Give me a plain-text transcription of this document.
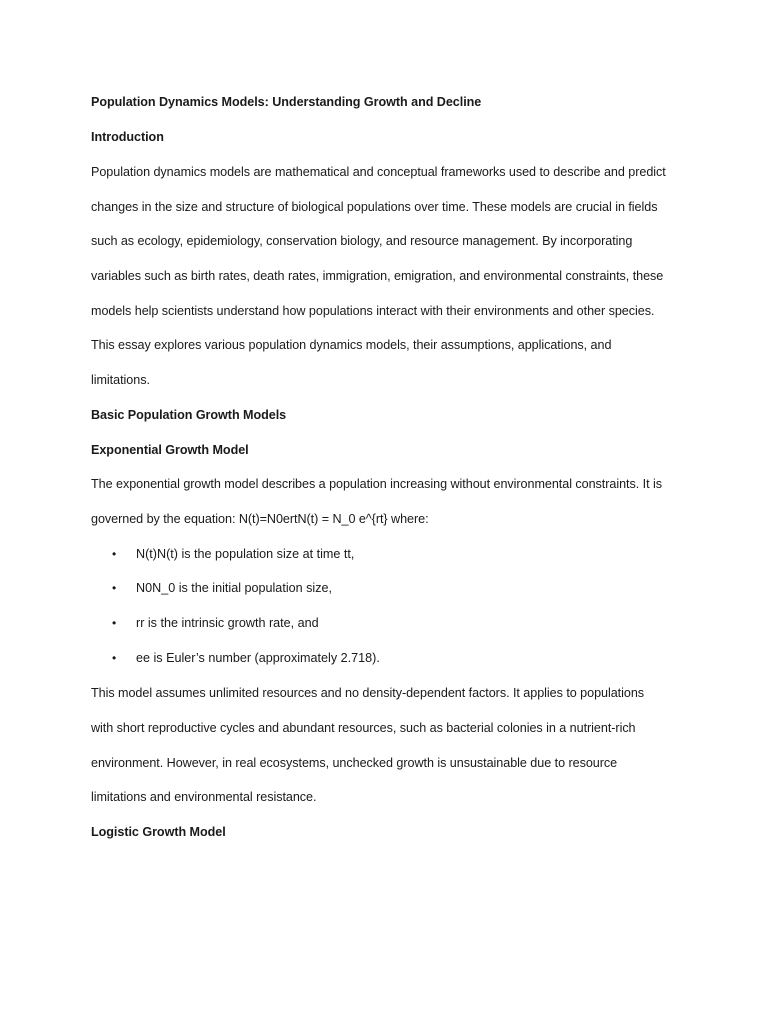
Population Dynamics Models: Understanding Growth and Decline
Introduction
Population dynamics models are mathematical and conceptual frameworks used to describe and predict
changes in the size and structure of biological populations over time. These models are crucial in fields
such as ecology, epidemiology, conservation biology, and resource management. By incorporating
variables such as birth rates, death rates, immigration, emigration, and environmental constraints, these
models help scientists understand how populations interact with their environments and other species.
This essay explores various population dynamics models, their assumptions, applications, and
limitations.
Basic Population Growth Models
Exponential Growth Model
The exponential growth model describes a population increasing without environmental constraints. It is
governed by the equation: N(t)=N0ertN(t) = N_0 e^{rt} where:
• N(t)N(t) is the population size at time tt,
• N0N_0 is the initial population size,
• rr is the intrinsic growth rate, and
• ee is Euler’s number (approximately 2.718).
This model assumes unlimited resources and no density-dependent factors. It applies to populations
with short reproductive cycles and abundant resources, such as bacterial colonies in a nutrient-rich
environment. However, in real ecosystems, unchecked growth is unsustainable due to resource
limitations and environmental resistance.
Logistic Growth Model
